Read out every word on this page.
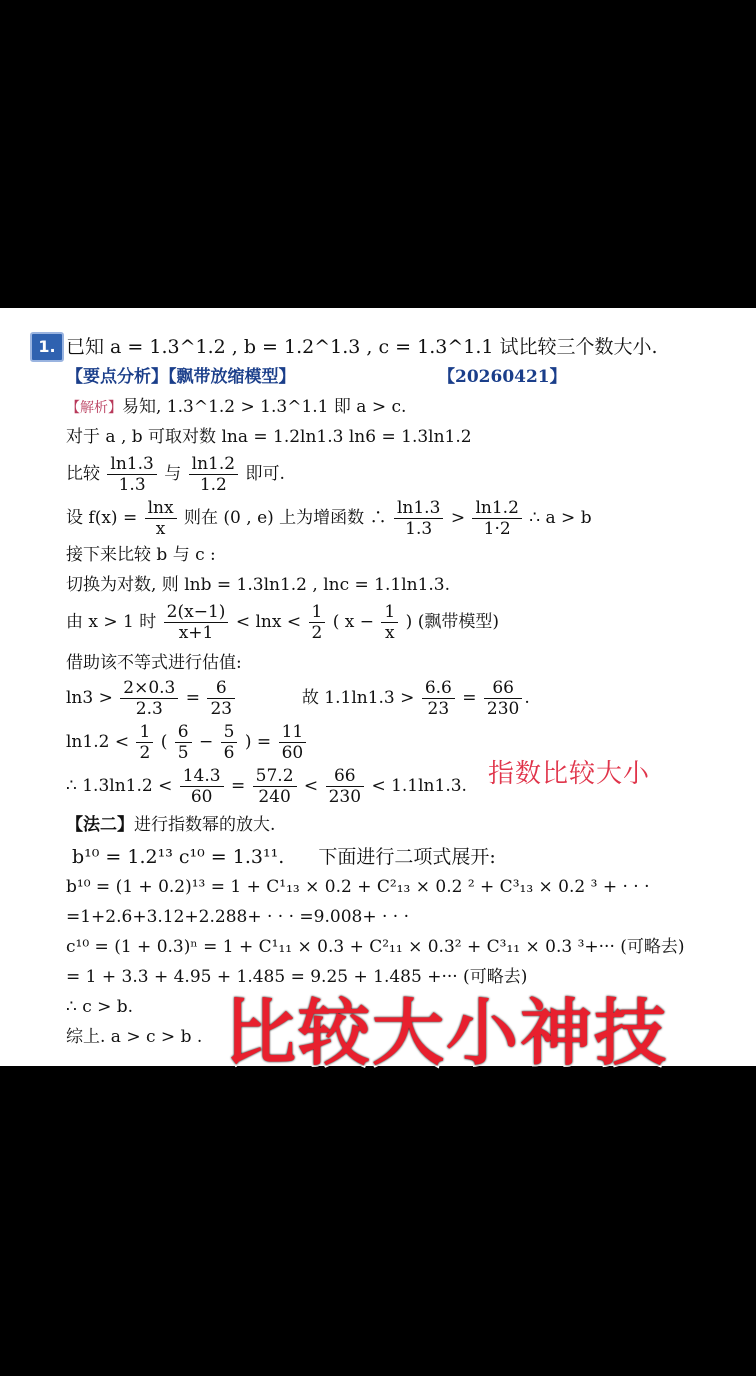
1. 已知 a = 1.3^1.2 , b = 1.2^1.3 , c = 1.3^1.1 试比较三个数大小.
【要点分析】【飘带放缩模型】	【20260421】
【解析】易知, 1.3^1.2 > 1.3^1.1 即 a > c.
对于 a , b 可取对数 lna = 1.2ln1.3 ln6 = 1.3ln1.2
比较 $\frac{\ln 1.3}{1.3}$ 与 $\frac{\ln 1.2}{1.2}$ 即可.
设 $f(x) = \frac{\ln x}{x}$ 则在 (0 , e) 上为增函数 ∴ $\frac{\ln 1.3}{1.3} > \frac{\ln 1.2}{1\cdot 2}$ ∴ a > b
接下来比较 b 与 c :
切换为对数, 则 lnb = 1.3ln1.2 , lnc = 1.1ln1.3.
由 x > 1 时 $\frac{2(x-1)}{x+1} < \ln x < \frac{1}{2}$ ( $x - \frac{1}{x}$ ) (飘带模型)
借助该不等式进行估值:
$\ln 3 > \frac{2\times 0.3}{2.3} = \frac{6}{23}$	故 $1.1\ln 1.3 > \frac{6.6}{23} = \frac{66}{230}$ .
$\ln 1.2 < \frac{1}{2}$ ( $\frac{6}{5} - \frac{5}{6}$ ) = $\frac{11}{60}$
∴ $1.3\ln 1.2 < \frac{14.3}{60} = \frac{57.2}{240} < \frac{66}{230} < 1.1\ln 1.3$.
【法二】进行指数幂的放大.
b¹⁰ = 1.2¹³ c¹⁰ = 1.3¹¹. 下面进行二项式展开:
b¹⁰ = (1 + 0.2)¹³ = 1 + C¹₁₃ × 0.2 + C²₁₃ × 0.2 ² + C³₁₃ × 0.2 ³ + · · ·
=1+2.6+3.12+2.288+ · · · =9.008+ · · ·
c¹⁰ = (1 + 0.3)ⁿ = 1 + C¹₁₁ × 0.3 + C²₁₁ × 0.3² + C³₁₁ × 0.3 ³+··· (可略去)
= 1 + 3.3 + 4.95 + 1.485 = 9.25 + 1.485 +··· (可略去)
∴ c > b.
综上. a > c > b .
指数比较大小
比较大小神技
